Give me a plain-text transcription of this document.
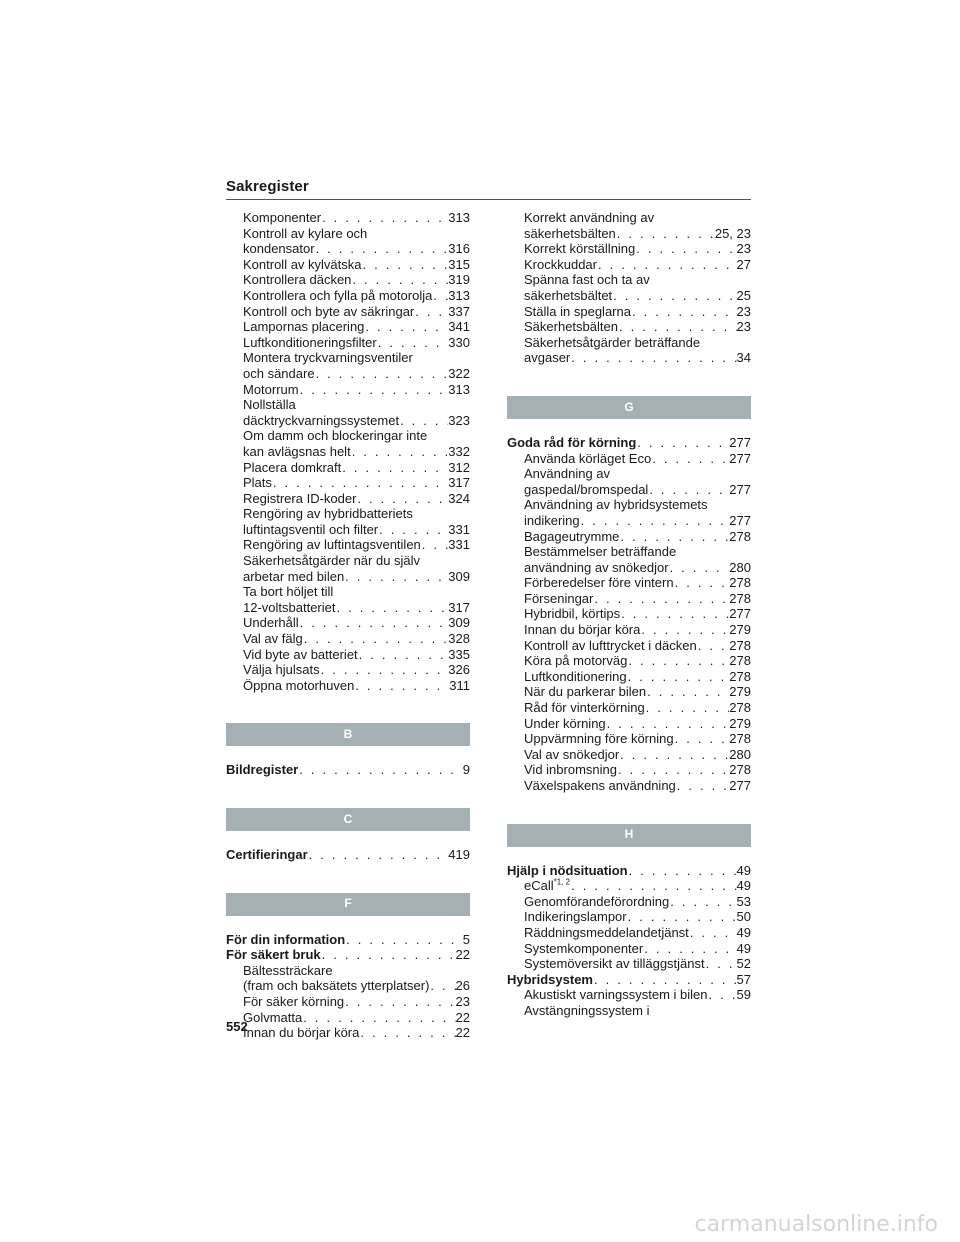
Sakregister
Komponenter . . .	313
Kontroll av kylare och
kondensator . . .	316
Kontroll av kylvätska . . .	315
Kontrollera däcken . . .	319
Kontrollera och fylla på motorolja . . . 313
Kontroll och byte av säkringar . . .	337
Lampornas placering . . .	341
Luftkonditioneringsfilter . . .	330
Montera tryckvarningsventiler
och sändare . . .	322
Motorrum . . .	313
Nollställa
däcktryckvarningssystemet . . .	323
Om damm och blockeringar inte
kan avlägsnas helt . . .	332
Placera domkraft . . .	312
Plats . . .	317
Registrera ID-koder . . .	324
Rengöring av hybridbatteriets
luftintagsventil och filter . . .	331
Rengöring av luftintagsventilen . . . 331
Säkerhetsåtgärder när du själv
arbetar med bilen . . .	309
Ta bort höljet till
12-voltsbatteriet . . .	317
Underhåll . . .	309
Val av fälg . . .	328
Vid byte av batteriet . . .	335
Välja hjulsats . . .	326
Öppna motorhuven . . .	311
B
Bildregister . . .	9
C
Certifieringar . . .	419
F
För din information . . .	5
För säkert bruk . . .	22
Bältessträckare
(fram och baksätets ytterplatser) . . . 26
För säker körning . . .	23
Golvmatta . . .	22
Innan du börjar köra . . .	22
Korrekt användning av
säkerhetsbälten . . .	25, 23
Korrekt körställning . . .	23
Krockkuddar . . .	27
Spänna fast och ta av
säkerhetsbältet . . .	25
Ställa in speglarna . . .	23
Säkerhetsbälten . . .	23
Säkerhetsåtgärder beträffande
avgaser . . .	34
G
Goda råd för körning . . .	277
Använda körläget Eco . . .	277
Användning av
gaspedal/bromspedal . . .	277
Användning av hybridsystemets
indikering . . .	277
Bagageutrymme . . .	278
Bestämmelser beträffande
användning av snökedjor . . .	280
Förberedelser före vintern . . .	278
Förseningar . . .	278
Hybridbil, körtips . . .	277
Innan du börjar köra . . .	279
Kontroll av lufttrycket i däcken . . .	278
Köra på motorväg . . .	278
Luftkonditionering . . .	278
När du parkerar bilen . . .	279
Råd för vinterkörning . . .	278
Under körning . . .	279
Uppvärmning före körning . . .	278
Val av snökedjor . . .	280
Vid inbromsning . . .	278
Växelspakens användning . . .	277
H
Hjälp i nödsituation . . .	49
eCall$^{*1, 2}$ . . .	49
Genomförandeförordning . . .	53
Indikeringslampor . . .	50
Räddningsmeddelandetjänst . . .	49
Systemkomponenter . . .	49
Systemöversikt av tilläggstjänst . . . 52
Hybridsystem . . .	57
Akustiskt varningssystem i bilen . . . 59
Avstängningssystem i
552
carmanualsonline.info
